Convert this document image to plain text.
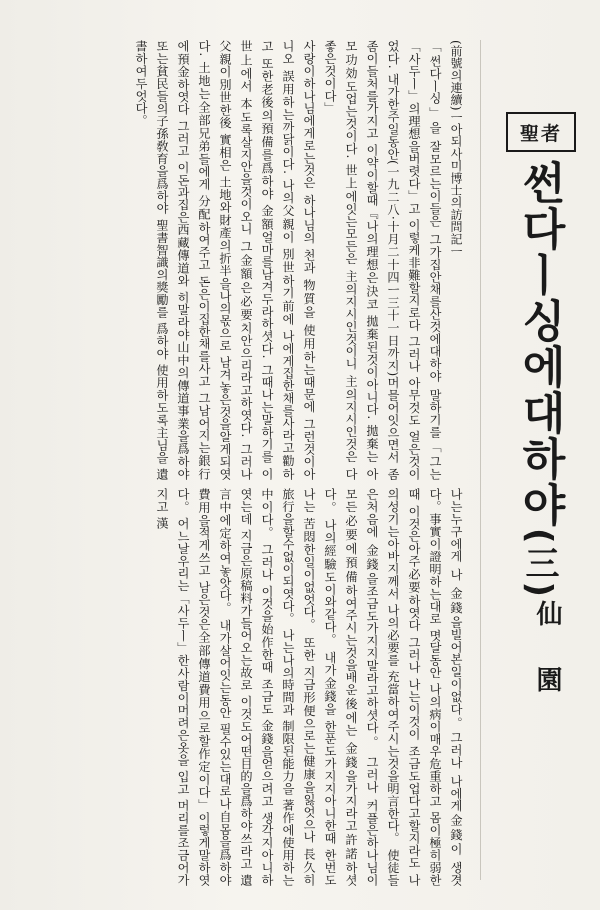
聖者
썬다ㅣ싱에대하야(三)
仙園

(前號의連續)ㅡ아되사미博士의訪問記ㅡ

「썬다ㅣ싱」을 잘모르는이들은 그가집안채를산것에대하야 말하기를「그는「사두ㅣ」의理想을버렷다」고 이렇케非難할지로다 그러나 아무것도 얼은것이었다. 내가한주일동안(一九二八·十月二十四ㅡ三十一日까지)머믈어잇으면서 좀좀이들처를가지고 이약이할때『나의理想은決코 拋棄된것이아니다. 拋棄는 아모功効도업는것이다. 世上에잇는모든은 主의지시인것이니 主의지시인것은 다 좋은것이다」

사랑이하나님에게로는것은 하나님의 천과 物質을 使用하는때문에 그런것이아니오 誤用하는까닭이다. 나의父親이 別世하기前에 나에게집한채를사라고勸하고 또한老後의預備를爲하야 金額얼마를남겨두라하셧다. 그때나는말하기를 이世上에서 本도록살지안을것이오니 그金額은必要치안으리라고하엿다. 그러나 父親이別世한後 實相은 土地와財產의折半을나의몫으로 남겨놓은것을알게되엿다. 土地는全部兄弟들에게 分配하여주고 돈은이집한채를사고 그남어지는銀行에預金하엿다 그러고 이돈과집은西藏傳道와 히말라야山中의傳道事業을爲하야 또는貧民들의子孫敎育을爲하야 聖書智識의獎勵를 爲하야 使用하도록主님을 遺書하여두엇다。

나는누구에게 나 金錢을빌어본일이없다。그러나 나에게金錢이 생겻다。事實이證明하는대로 몃달동안 나의病이매우危重하고 몸이極히弱한때 이것은아주必要하엿다 그러나 나는이것이 조금도업다고할지라도 나의성기는아바지께서 나의必要를 充當하여주시는것을明言한다。 使徒들은처음에 金錢을조금도가지지말라고하셧다。 그러나 커플은하나님이 모든必要에預備하여주시는것을배운後에는 金錢을가지라고許諾하셧다。 나의經驗도이와같다。 내가金錢을 한푼도가지지아니한때 한번도나는 苦悶한일이없엇다。 또한 지금形便으로는健康을잃엇으나 長久히旅行을할수없이되엿다。 나는나의時間과 制限된能力을 著作에使用하는中이다。 그러나 이것을始作한때 조금도 金錢을얻으려고 생각지아니하엿는데 지금은原稿料가들어오는故로 이것도어떤目的을爲하야쓰라고 遺言中에定하여놓앗다。 내가살어잇는동안 필수있는대로나自몸을爲하야 費用을적게쓰고 남은것은全部傳道費用으로할作定이다」이렇게말하엿다。 어느날우리는「사두ㅣ」한사람이머려은옷을 입고 머리를조금어가지고 漢
